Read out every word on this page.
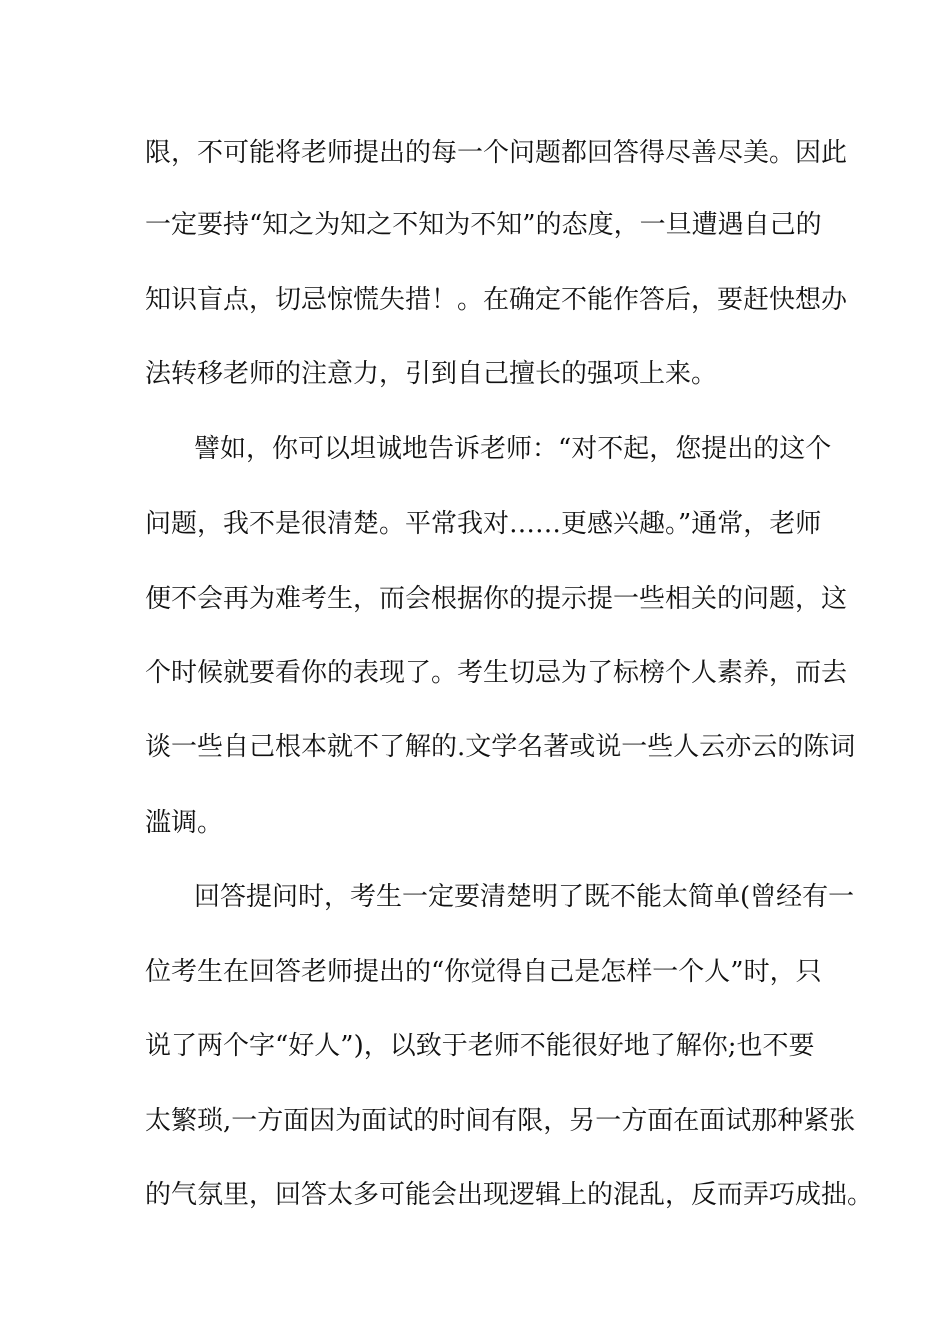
限，不可能将老师提出的每一个问题都回答得尽善尽美。因此
一定要持“知之为知之不知为不知”的态度，一旦遭遇自己的
知识盲点，切忌惊慌失措！。在确定不能作答后，要赶快想办
法转移老师的注意力，引到自己擅长的强项上来。
譬如，你可以坦诚地告诉老师：“对不起，您提出的这个
问题，我不是很清楚。平常我对……更感兴趣。”通常，老师
便不会再为难考生，而会根据你的提示提一些相关的问题，这
个时候就要看你的表现了。考生切忌为了标榜个人素养，而去
谈一些自己根本就不了解的.文学名著或说一些人云亦云的陈词
滥调。
回答提问时，考生一定要清楚明了既不能太简单(曾经有一
位考生在回答老师提出的“你觉得自己是怎样一个人”时，只
说了两个字“好人”)，以致于老师不能很好地了解你;也不要
太繁琐,一方面因为面试的时间有限，另一方面在面试那种紧张
的气氛里，回答太多可能会出现逻辑上的混乱，反而弄巧成拙。
